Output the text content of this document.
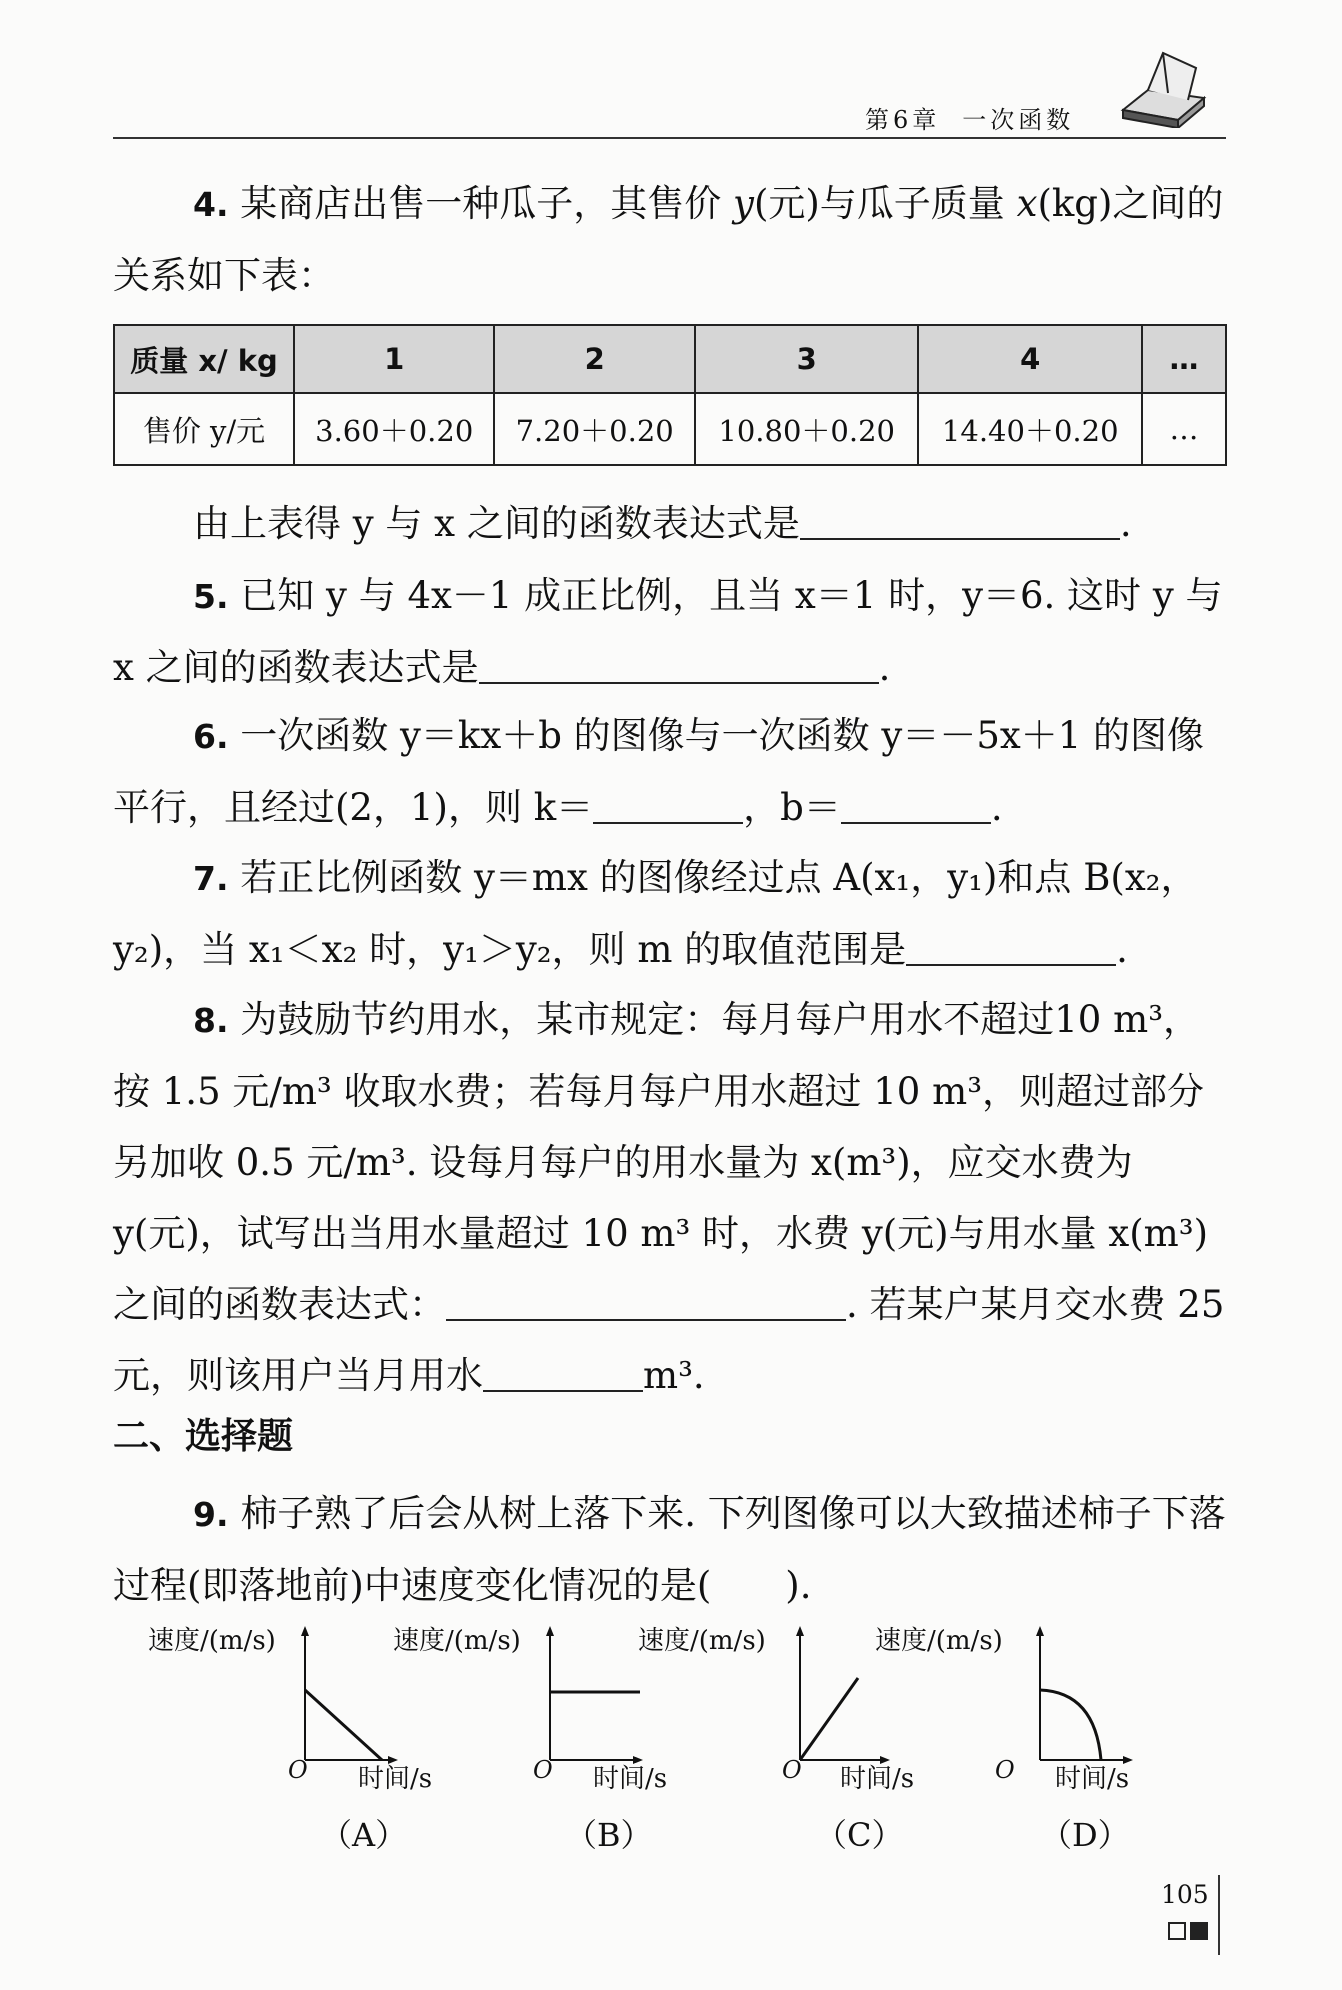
第6章 一次函数
4. 某商店出售一种瓜子，其售价 y(元)与瓜子质量 x(kg)之间的关系如下表：
质量 x/ kg	1	2	3	4	…
售价 y/元	3.60＋0.20	7.20＋0.20	10.80＋0.20	14.40＋0.20	…
由上表得 y 与 x 之间的函数表达式是	.
5. 已知 y 与 4x－1 成正比例，且当 x＝1 时，y＝6. 这时 y 与 x 之间的函数表达式是	.
6. 一次函数 y＝kx＋b 的图像与一次函数 y＝－5x＋1 的图像平行，且经过(2，1)，则 k＝	，b＝	.
7. 若正比例函数 y＝mx 的图像经过点 A(x₁，y₁)和点 B(x₂，y₂)，当 x₁＜x₂ 时，y₁＞y₂，则 m 的取值范围是	.
8. 为鼓励节约用水，某市规定：每月每户用水不超过10 m³，按 1.5 元/m³ 收取水费；若每月每户用水超过 10 m³，则超过部分另加收 0.5 元/m³. 设每月每户的用水量为 x(m³)，应交水费为y(元)，试写出当用水量超过 10 m³ 时，水费 y(元)与用水量 x(m³)之间的函数表达式：	. 若某户某月交水费 25 元，则该用户当月用水	m³.
二、选择题
9. 柿子熟了后会从树上落下来. 下列图像可以大致描述柿子下落过程(即落地前)中速度变化情况的是(　　).
速度/(m/s)
O 时间/s
（A）
速度/(m/s)
O 时间/s
（B）
速度/(m/s)
O 时间/s
（C）
速度/(m/s)
O 时间/s
（D）
105
